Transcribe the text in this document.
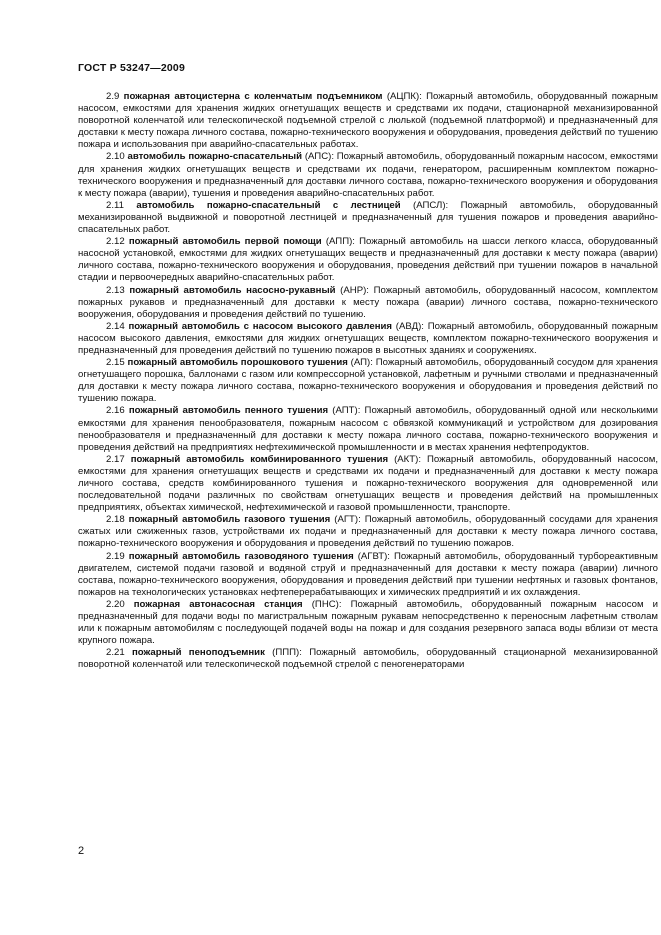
ГОСТ Р 53247—2009

2.9 пожарная автоцистерна с коленчатым подъемником (АЦПК): Пожарный автомобиль, оборудованный пожарным насосом, емкостями для хранения жидких огнетушащих веществ и средствами их подачи, стационарной механизированной поворотной коленчатой или телескопической подъемной стрелой с люлькой (подъемной платформой) и предназначенный для доставки к месту пожара личного состава, пожарно-технического вооружения и оборудования, проведения действий по тушению пожара и использования при аварийно-спасательных работах.

2.10 автомобиль пожарно-спасательный (АПС): Пожарный автомобиль, оборудованный пожарным насосом, емкостями для хранения жидких огнетушащих веществ и средствами их подачи, генератором, расширенным комплектом пожарно-технического вооружения и предназначенный для доставки личного состава, пожарно-технического вооружения и оборудования к месту пожара (аварии), тушения и проведения аварийно-спасательных работ.

2.11 автомобиль пожарно-спасательный с лестницей (АПСЛ): Пожарный автомобиль, оборудованный механизированной выдвижной и поворотной лестницей и предназначенный для тушения пожаров и проведения аварийно-спасательных работ.

2.12 пожарный автомобиль первой помощи (АПП): Пожарный автомобиль на шасси легкого класса, оборудованный насосной установкой, емкостями для жидких огнетушащих веществ и предназначенный для доставки к месту пожара (аварии) личного состава, пожарно-технического вооружения и оборудования, проведения действий при тушении пожаров в начальной стадии и первоочередных аварийно-спасательных работ.

2.13 пожарный автомобиль насосно-рукавный (АНР): Пожарный автомобиль, оборудованный насосом, комплектом пожарных рукавов и предназначенный для доставки к месту пожара (аварии) личного состава, пожарно-технического вооружения, оборудования и проведения действий по тушению.

2.14 пожарный автомобиль с насосом высокого давления (АВД): Пожарный автомобиль, оборудованный пожарным насосом высокого давления, емкостями для жидких огнетушащих веществ, комплектом пожарно-технического вооружения и предназначенный для проведения действий по тушению пожаров в высотных зданиях и сооружениях.

2.15 пожарный автомобиль порошкового тушения (АП): Пожарный автомобиль, оборудованный сосудом для хранения огнетушащего порошка, баллонами с газом или компрессорной установкой, лафетным и ручными стволами и предназначенный для доставки к месту пожара личного состава, пожарно-технического вооружения и оборудования и проведения действий по тушению пожара.

2.16 пожарный автомобиль пенного тушения (АПТ): Пожарный автомобиль, оборудованный одной или несколькими емкостями для хранения пенообразователя, пожарным насосом с обвязкой коммуникаций и устройством для дозирования пенообразователя и предназначенный для доставки к месту пожара личного состава, пожарно-технического вооружения и проведения действий на предприятиях нефтехимической промышленности и в местах хранения нефтепродуктов.

2.17 пожарный автомобиль комбинированного тушения (АКТ): Пожарный автомобиль, оборудованный насосом, емкостями для хранения огнетушащих веществ и средствами их подачи и предназначенный для доставки к месту пожара личного состава, средств комбинированного тушения и пожарно-технического вооружения для одновременной или последовательной подачи различных по свойствам огнетушащих веществ и проведения действий на промышленных предприятиях, объектах химической, нефтехимической и газовой промышленности, транспорте.

2.18 пожарный автомобиль газового тушения (АГТ): Пожарный автомобиль, оборудованный сосудами для хранения сжатых или сжиженных газов, устройствами их подачи и предназначенный для доставки к месту пожара личного состава, пожарно-технического вооружения и оборудования и проведения действий по тушению пожаров.

2.19 пожарный автомобиль газоводяного тушения (АГВТ): Пожарный автомобиль, оборудованный турбореактивным двигателем, системой подачи газовой и водяной струй и предназначенный для доставки к месту пожара (аварии) личного состава, пожарно-технического вооружения, оборудования и проведения действий при тушении нефтяных и газовых фонтанов, пожаров на технологических установках нефтеперерабатывающих и химических предприятий и их охлаждения.

2.20 пожарная автонасосная станция (ПНС): Пожарный автомобиль, оборудованный пожарным насосом и предназначенный для подачи воды по магистральным пожарным рукавам непосредственно к переносным лафетным стволам или к пожарным автомобилям с последующей подачей воды на пожар и для создания резервного запаса воды вблизи от места крупного пожара.

2.21 пожарный пеноподъемник (ППП): Пожарный автомобиль, оборудованный стационарной механизированной поворотной коленчатой или телескопической подъемной стрелой с пеногенераторами

2
